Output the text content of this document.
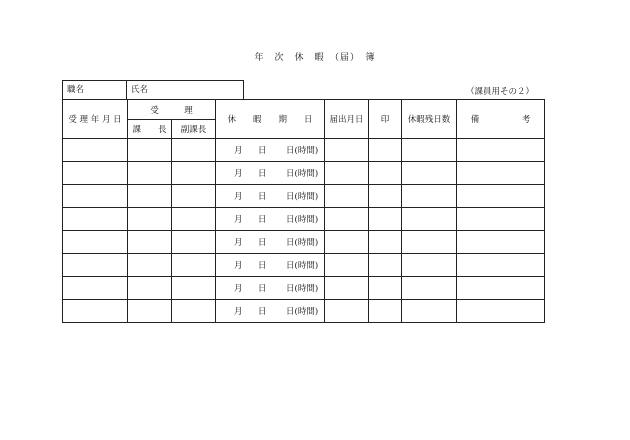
年　次　休　暇　（届）　簿
職名	氏名	（課員用その２）
受 理 年 月 日	受　　　理		休　　暇　　期　　日	届出月日	印	休暇残日数	備　　　　　考
	課　　長	副課長					

			月 日 日(時間)				

			月 日 日(時間)				

			月 日 日(時間)				

			月 日 日(時間)				

			月 日 日(時間)				

			月 日 日(時間)				

			月 日 日(時間)				

			月 日 日(時間)				
